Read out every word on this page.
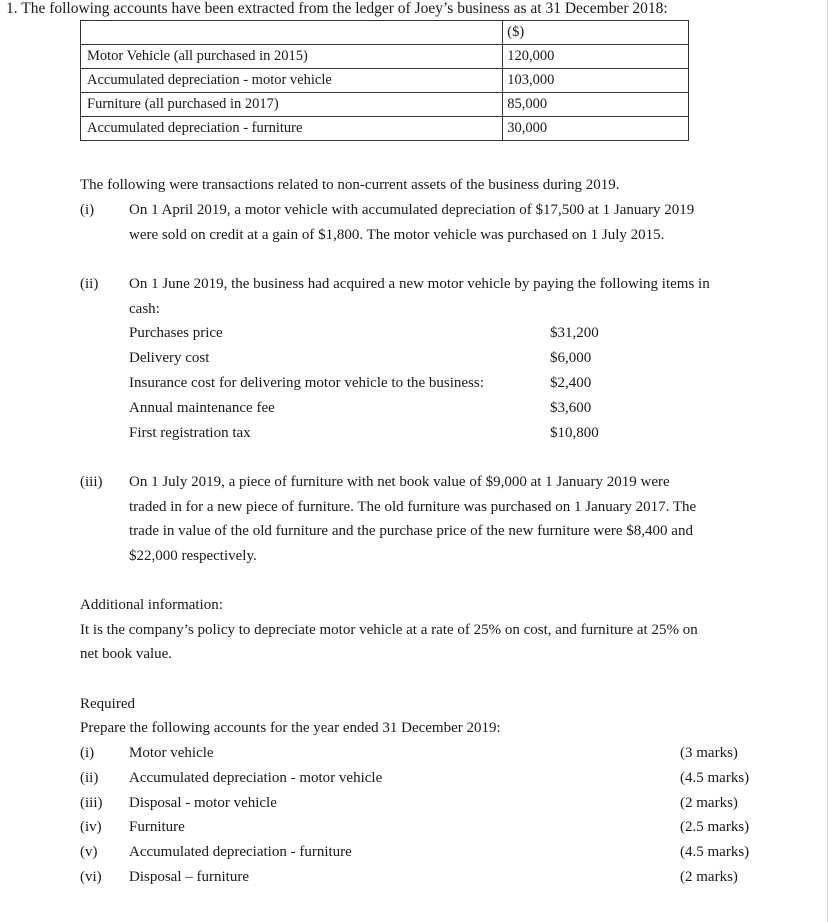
1. The following accounts have been extracted from the ledger of Joey’s business as at 31 December 2018:
	($)
Motor Vehicle (all purchased in 2015)	120,000
Accumulated depreciation - motor vehicle	103,000
Furniture (all purchased in 2017)	85,000
Accumulated depreciation - furniture	30,000
The following were transactions related to non-current assets of the business during 2019.
(i) On 1 April 2019, a motor vehicle with accumulated depreciation of $17,500 at 1 January 2019
were sold on credit at a gain of $1,800. The motor vehicle was purchased on 1 July 2015.
(ii) On 1 June 2019, the business had acquired a new motor vehicle by paying the following items in
cash:
Purchases price	$31,200
Delivery cost	$6,000
Insurance cost for delivering motor vehicle to the business:	$2,400
Annual maintenance fee	$3,600
First registration tax	$10,800
(iii) On 1 July 2019, a piece of furniture with net book value of $9,000 at 1 January 2019 were
traded in for a new piece of furniture. The old furniture was purchased on 1 January 2017. The
trade in value of the old furniture and the purchase price of the new furniture were $8,400 and
$22,000 respectively.
Additional information:
It is the company’s policy to depreciate motor vehicle at a rate of 25% on cost, and furniture at 25% on
net book value.
Required
Prepare the following accounts for the year ended 31 December 2019:
(i) Motor vehicle	(3 marks)
(ii) Accumulated depreciation - motor vehicle	(4.5 marks)
(iii) Disposal - motor vehicle	(2 marks)
(iv) Furniture	(2.5 marks)
(v) Accumulated depreciation - furniture	(4.5 marks)
(vi) Disposal – furniture	(2 marks)
